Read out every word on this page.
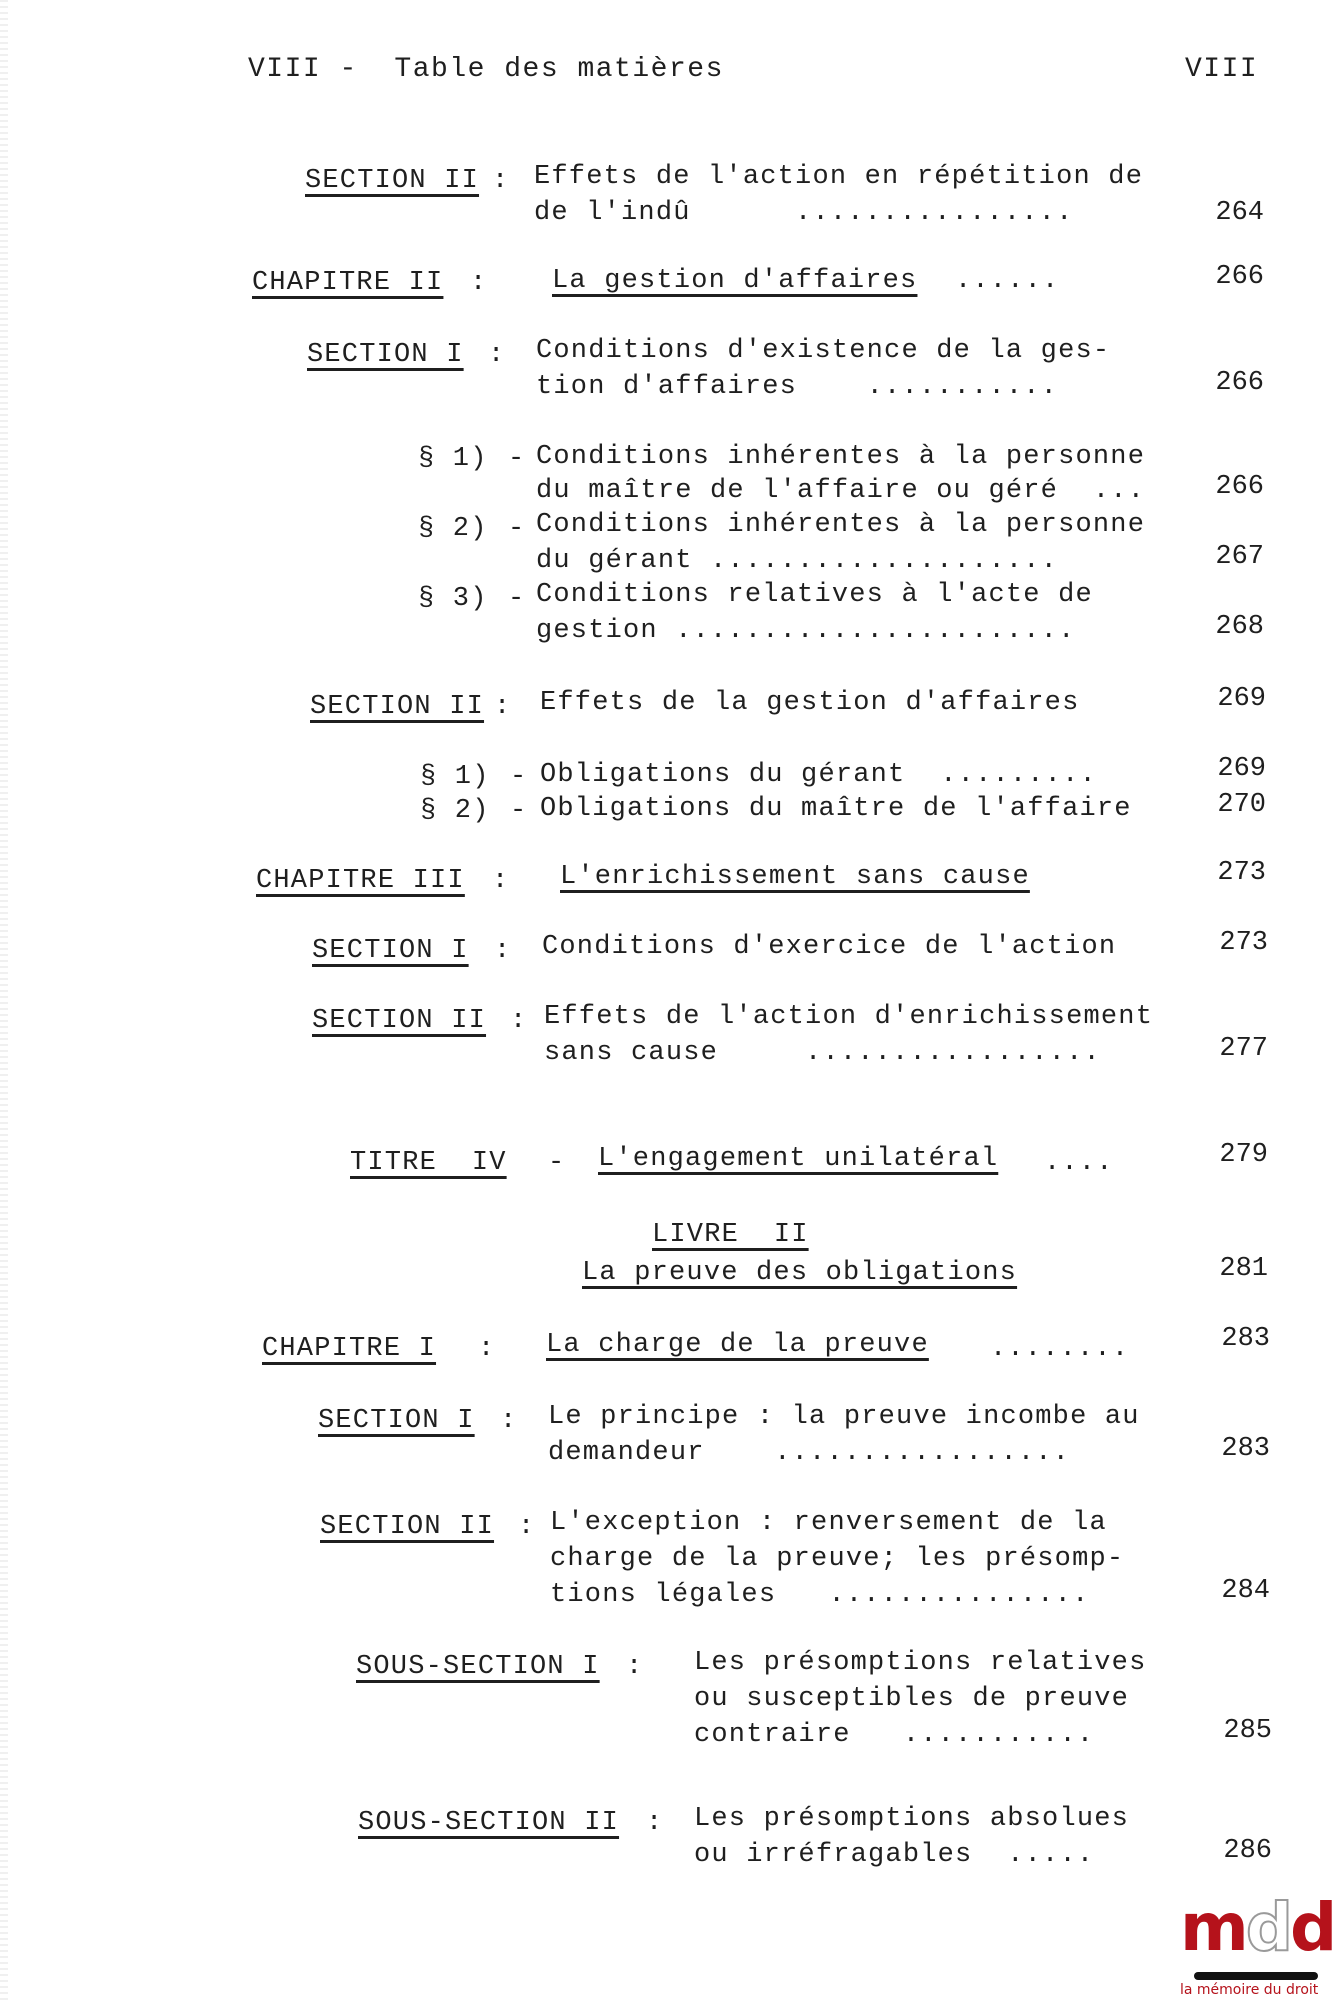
VIII -  Table des matières	VIII
SECTION II : Effets de l'action en répétition de
de l'indû      ................	264
CHAPITRE II : La gestion d'affaires ......	266
SECTION I : Conditions d'existence de la ges-
tion d'affaires    ...........	266
§ 1) - Conditions inhérentes à la personne
du maître de l'affaire ou géré  ...	266
§ 2) - Conditions inhérentes à la personne
du gérant ....................	267
§ 3) - Conditions relatives à l'acte de
gestion .......................	268
SECTION II : Effets de la gestion d'affaires	269
§ 1) - Obligations du gérant  .........	269
§ 2) - Obligations du maître de l'affaire	270
CHAPITRE III : L'enrichissement sans cause	273
SECTION I : Conditions d'exercice de l'action	273
SECTION II : Effets de l'action d'enrichissement
sans cause     .................	277
TITRE  IV - L'engagement unilatéral ....	279
LIVRE  II
La preuve des obligations	281
CHAPITRE I : La charge de la preuve ........	283
SECTION I : Le principe : la preuve incombe au
demandeur    .................	283
SECTION II : L'exception : renversement de la
charge de la preuve; les présomp-
tions légales   ...............	284
SOUS-SECTION I : Les présomptions relatives
ou susceptibles de preuve
contraire   ...........	285
SOUS-SECTION II : Les présomptions absolues
ou irréfragables  .....	286
mdd
la mémoire du droit
